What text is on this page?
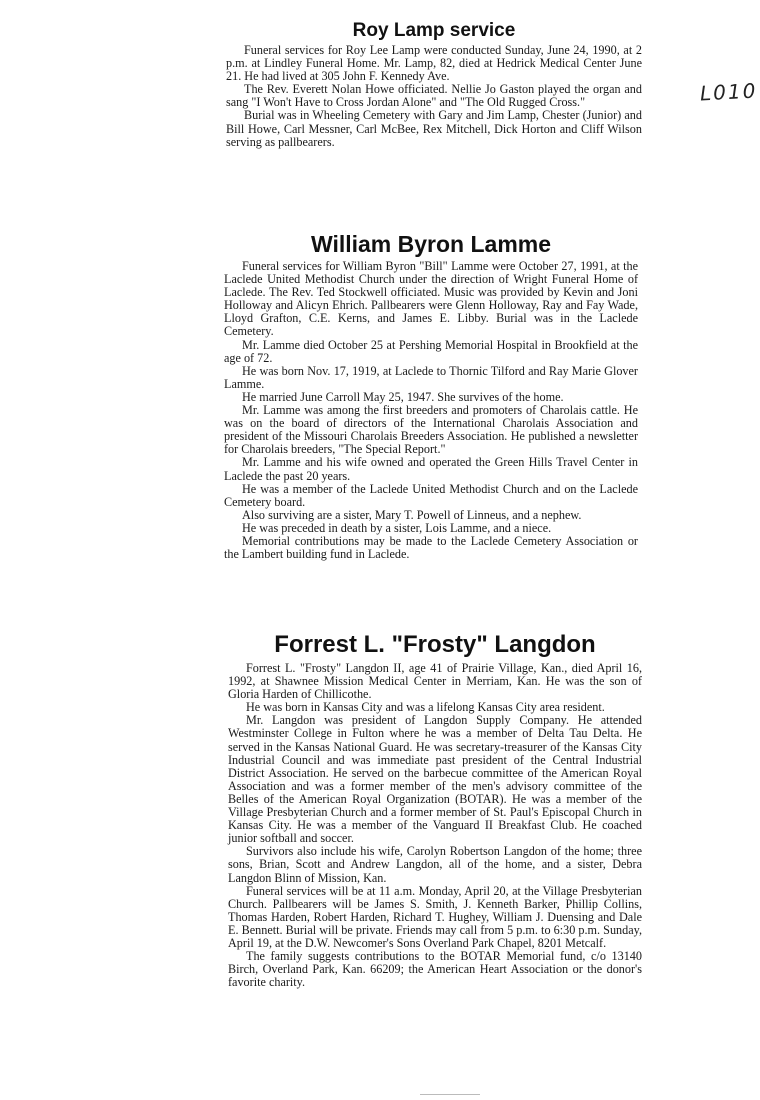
L010
Roy Lamp service

Funeral services for Roy Lee Lamp were conducted Sunday, June 24, 1990, at 2 p.m. at Lindley Funeral Home. Mr. Lamp, 82, died at Hedrick Medical Center June 21. He had lived at 305 John F. Kennedy Ave.

The Rev. Everett Nolan Howe officiated. Nellie Jo Gaston played the organ and sang "I Won't Have to Cross Jordan Alone" and "The Old Rugged Cross."

Burial was in Wheeling Cemetery with Gary and Jim Lamp, Chester (Junior) and Bill Howe, Carl Messner, Carl McBee, Rex Mitchell, Dick Horton and Cliff Wilson serving as pallbearers.

William Byron Lamme

Funeral services for William Byron "Bill" Lamme were October 27, 1991, at the Laclede United Methodist Church under the direction of Wright Funeral Home of Laclede. The Rev. Ted Stockwell officiated. Music was provided by Kevin and Joni Holloway and Alicyn Ehrich. Pallbearers were Glenn Holloway, Ray and Fay Wade, Lloyd Grafton, C.E. Kerns, and James E. Libby. Burial was in the Laclede Cemetery.

Mr. Lamme died October 25 at Pershing Memorial Hospital in Brookfield at the age of 72.

He was born Nov. 17, 1919, at Laclede to Thornic Tilford and Ray Marie Glover Lamme.

He married June Carroll May 25, 1947. She survives of the home.

Mr. Lamme was among the first breeders and promoters of Charolais cattle. He was on the board of directors of the International Charolais Association and president of the Missouri Charolais Breeders Association. He published a newsletter for Charolais breeders, "The Special Report."

Mr. Lamme and his wife owned and operated the Green Hills Travel Center in Laclede the past 20 years.

He was a member of the Laclede United Methodist Church and on the Laclede Cemetery board.

Also surviving are a sister, Mary T. Powell of Linneus, and a nephew.

He was preceded in death by a sister, Lois Lamme, and a niece.

Memorial contributions may be made to the Laclede Cemetery Association or the Lambert building fund in Laclede.

Forrest L. "Frosty" Langdon

Forrest L. "Frosty" Langdon II, age 41 of Prairie Village, Kan., died April 16, 1992, at Shawnee Mission Medical Center in Merriam, Kan. He was the son of Gloria Harden of Chillicothe.

He was born in Kansas City and was a lifelong Kansas City area resident.

Mr. Langdon was president of Langdon Supply Company. He attended Westminster College in Fulton where he was a member of Delta Tau Delta. He served in the Kansas National Guard. He was secretary-treasurer of the Kansas City Industrial Council and was immediate past president of the Central Industrial District Association. He served on the barbecue committee of the American Royal Association and was a former member of the men's advisory committee of the Belles of the American Royal Organization (BOTAR). He was a member of the Village Presbyterian Church and a former member of St. Paul's Episcopal Church in Kansas City. He was a member of the Vanguard II Breakfast Club. He coached junior softball and soccer.

Survivors also include his wife, Carolyn Robertson Langdon of the home; three sons, Brian, Scott and Andrew Langdon, all of the home, and a sister, Debra Langdon Blinn of Mission, Kan.

Funeral services will be at 11 a.m. Monday, April 20, at the Village Presbyterian Church. Pallbearers will be James S. Smith, J. Kenneth Barker, Phillip Collins, Thomas Harden, Robert Harden, Richard T. Hughey, William J. Duensing and Dale E. Bennett. Burial will be private. Friends may call from 5 p.m. to 6:30 p.m. Sunday, April 19, at the D.W. Newcomer's Sons Overland Park Chapel, 8201 Metcalf.

The family suggests contributions to the BOTAR Memorial fund, c/o 13140 Birch, Overland Park, Kan. 66209; the American Heart Association or the donor's favorite charity.
